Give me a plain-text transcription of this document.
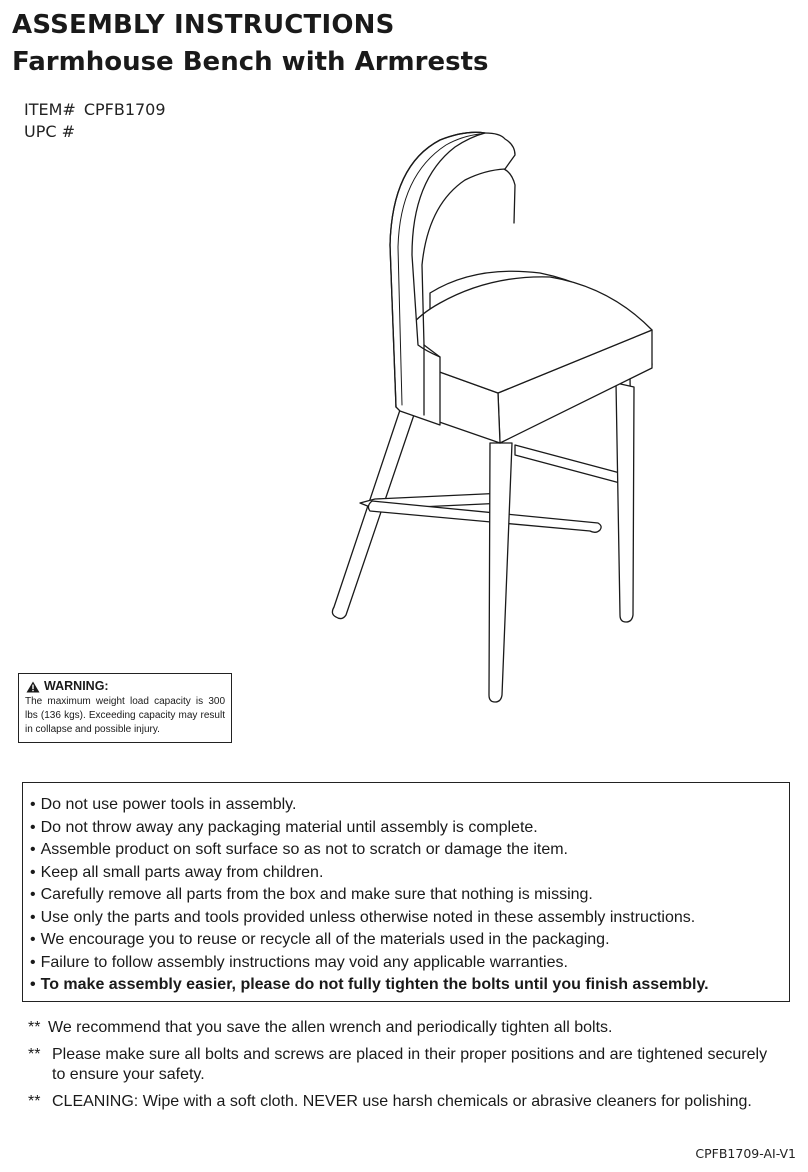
ASSEMBLY INSTRUCTIONS
Farmhouse Bench with Armrests
ITEM# CPFB1709
UPC #
WARNING:
The maximum weight load capacity is 300 lbs (136 kgs). Exceeding capacity may result in collapse and possible injury.
• Do not use power tools in assembly.
• Do not throw away any packaging material until assembly is complete.
• Assemble product on soft surface so as not to scratch or damage the item.
• Keep all small parts away from children.
• Carefully remove all parts from the box and make sure that nothing is missing.
• Use only the parts and tools provided unless otherwise noted in these assembly instructions.
• We encourage you to reuse or recycle all of the materials used in the packaging.
• Failure to follow assembly instructions may void any applicable warranties.
• To make assembly easier, please do not fully tighten the bolts until you finish assembly.
** We recommend that you save the allen wrench and periodically tighten all bolts.
** Please make sure all bolts and screws are placed in their proper positions and are tightened securely to ensure your safety.
** CLEANING: Wipe with a soft cloth. NEVER use harsh chemicals or abrasive cleaners for polishing.
CPFB1709-AI-V1
